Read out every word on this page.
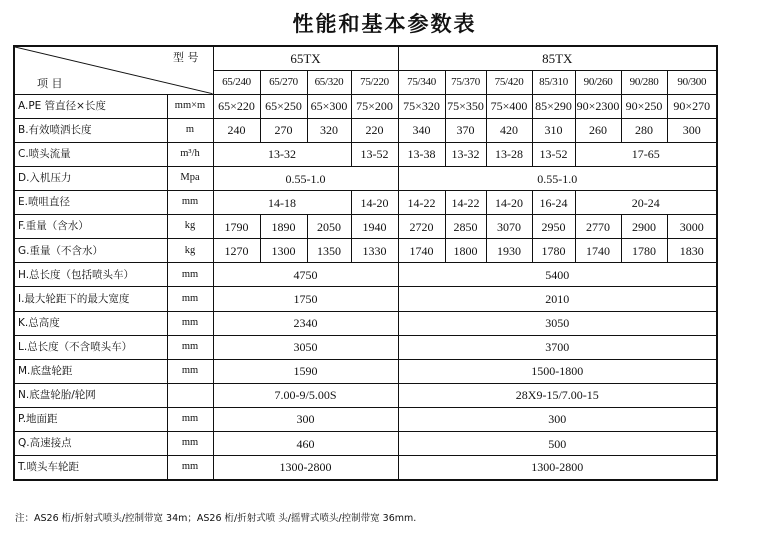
性能和基本参数表
型 号
项 目		65TX				85TX						
		65/240	65/270	65/320	75/220	75/340	75/370	75/420	85/310	90/260	90/280	90/300
A.PE 管直径×长度	mm×m	65×220	65×250	65×300	75×200	75×320	75×350	75×400	85×290	90×2300	90×250	90×270
B.有效喷洒长度	m	240	270	320	220	340	370	420	310	260	280	300
C.喷头流量	m³/h	13-32			13-52	13-38	13-32	13-28	13-52	17-65		
D.入机压力	Mpa	0.55-1.0				0.55-1.0						
E.喷咀直径	mm	14-18			14-20	14-22	14-22	14-20	16-24	20-24		
F.重量（含水）	kg	1790	1890	2050	1940	2720	2850	3070	2950	2770	2900	3000
G.重量（不含水）	kg	1270	1300	1350	1330	1740	1800	1930	1780	1740	1780	1830
H.总长度（包括喷头车）	mm	4750				5400						
I.最大轮距下的最大宽度	mm	1750				2010						
K.总高度	mm	2340				3050						
L.总长度（不含喷头车）	mm	3050				3700						
M.底盘轮距	mm	1590				1500-1800						
N.底盘轮胎/轮网		7.00-9/5.00S				28X9-15/7.00-15						
P.地面距	mm	300				300						
Q.高速接点	mm	460				500						
T.喷头车轮距	mm	1300-2800				1300-2800						
注：AS26 桁/折射式喷头/控制带宽 34m；AS26 桁/折射式喷 头/摇臂式喷头/控制带宽 36mm.
